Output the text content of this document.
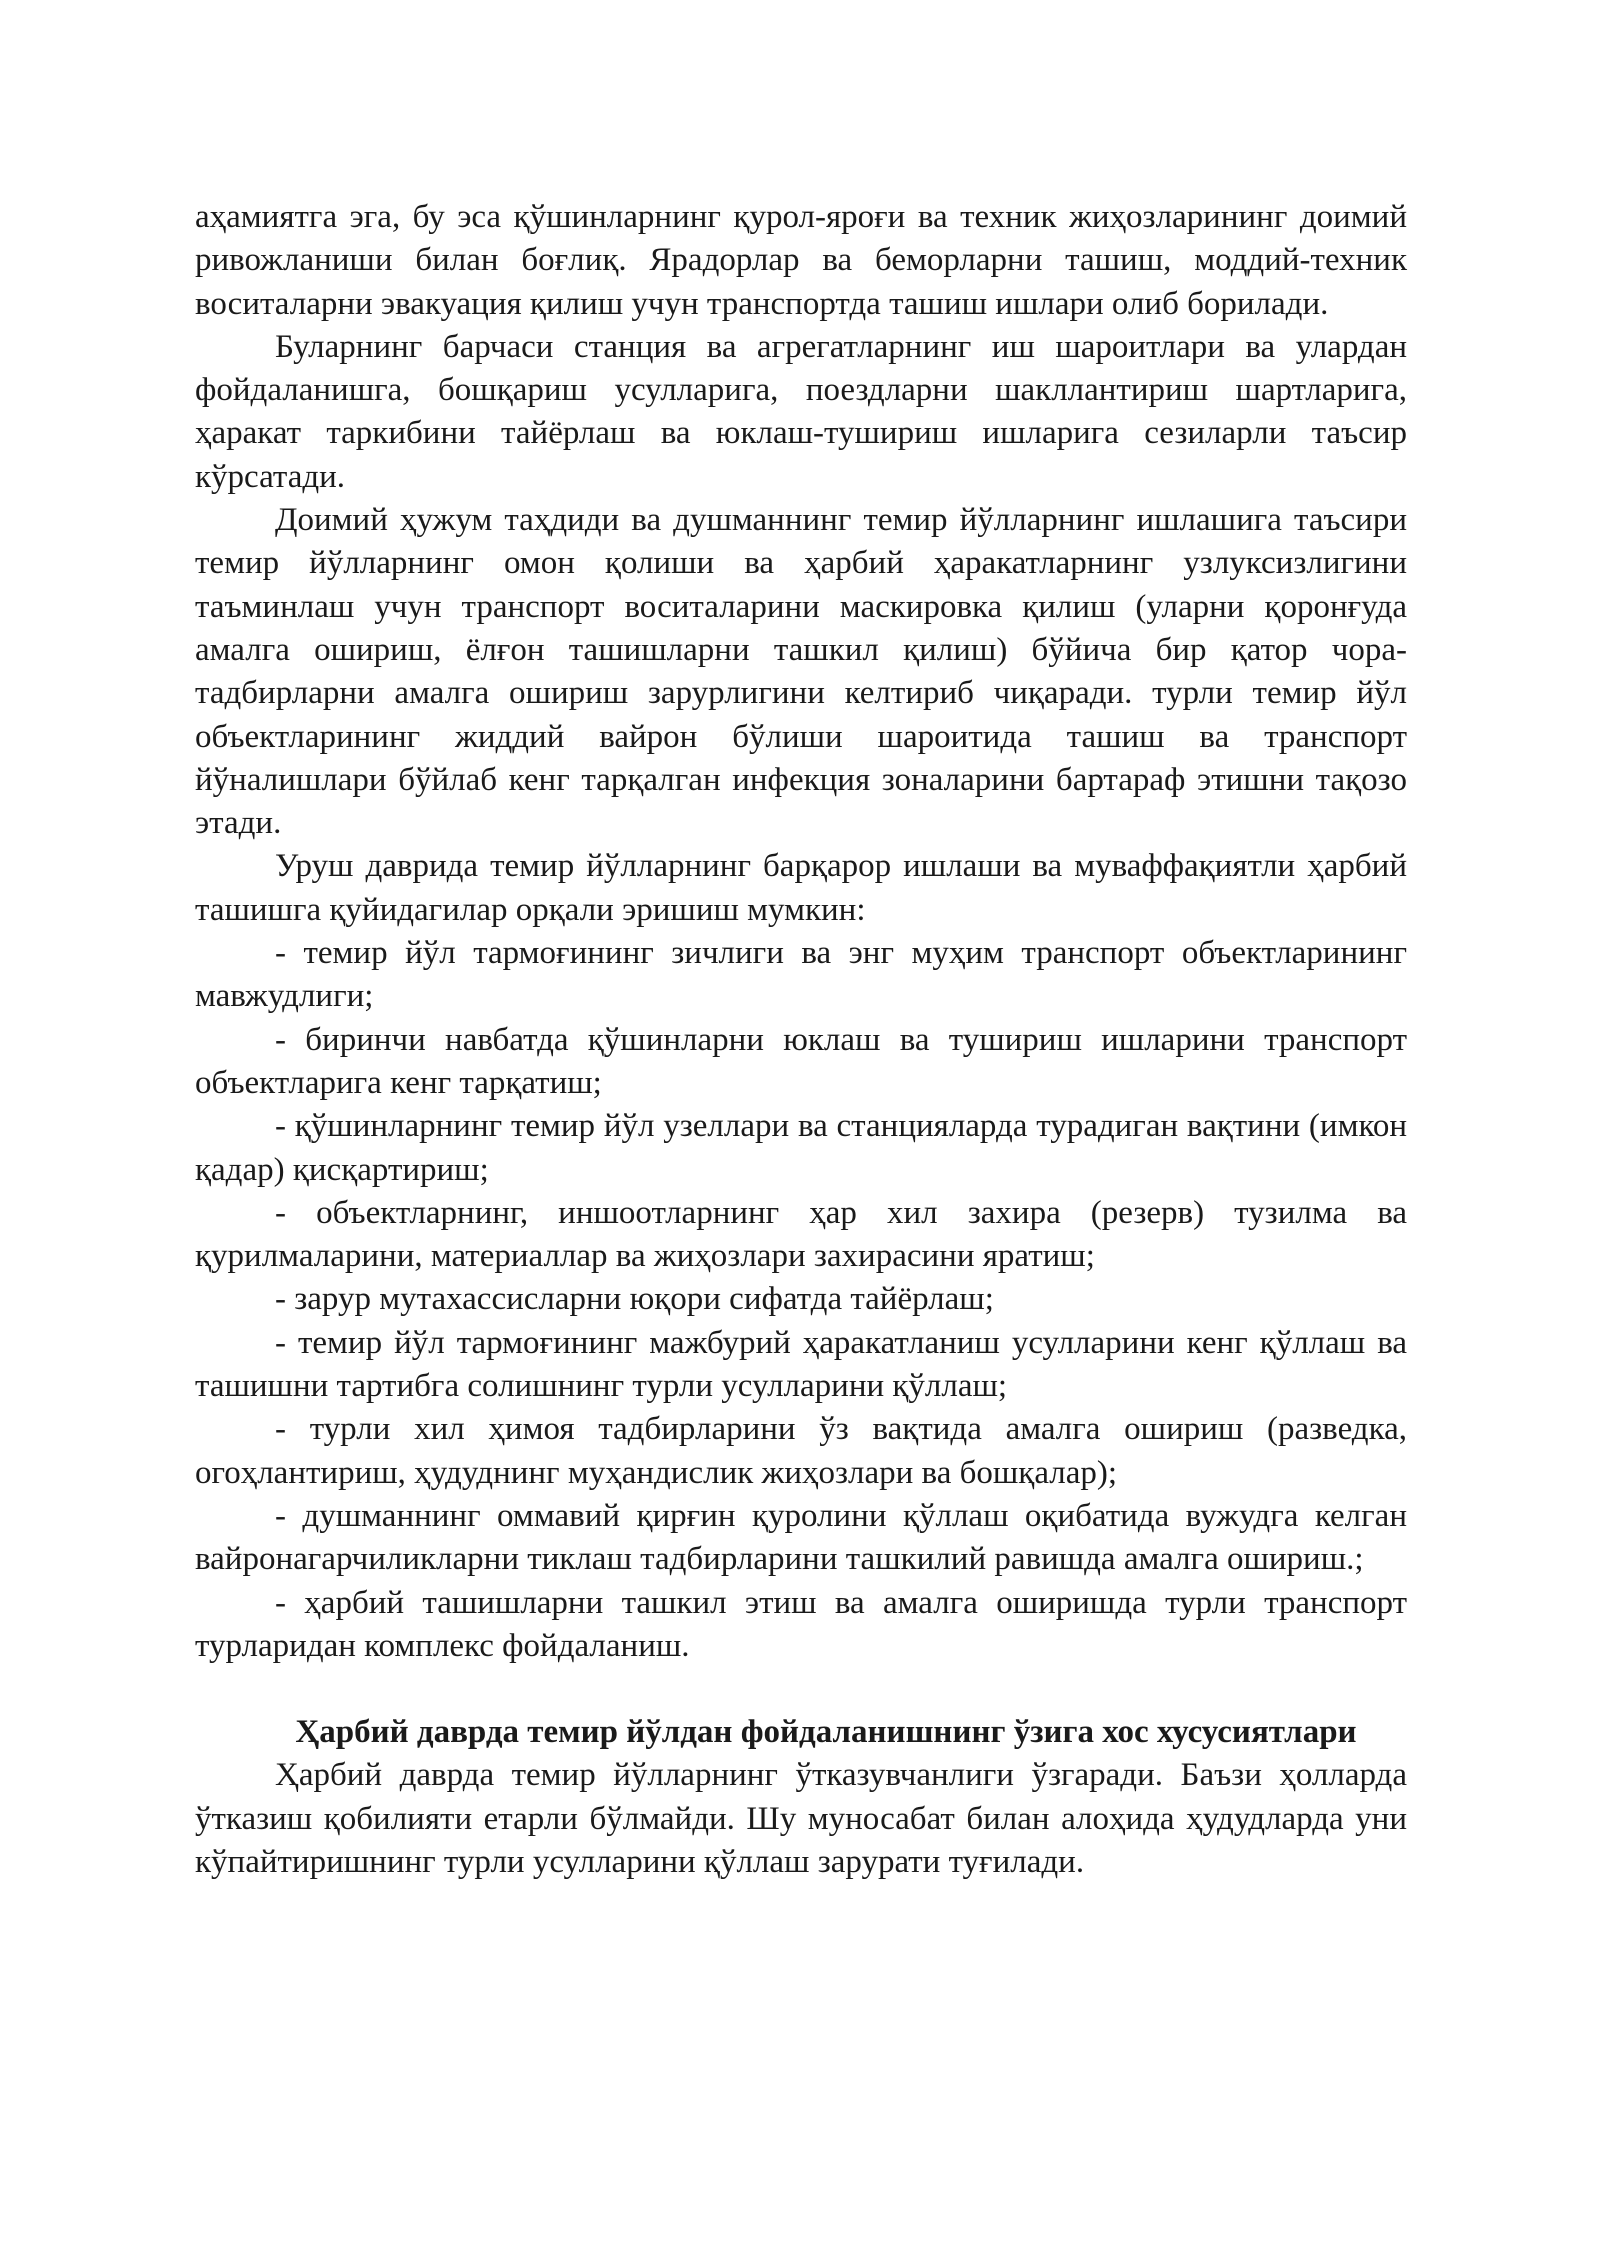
аҳамиятга эга, бу эса қўшинларнинг қурол-яроғи ва техник жиҳозларининг доимий ривожланиши билан боғлиқ. Ярадорлар ва беморларни ташиш, моддий-техник воситаларни эвакуация қилиш учун транспортда ташиш ишлари олиб борилади.

Буларнинг барчаси станция ва агрегатларнинг иш шароитлари ва улардан фойдаланишга, бошқариш усулларига, поездларни шакллантириш шартларига, ҳаракат таркибини тайёрлаш ва юклаш-тушириш ишларига сезиларли таъсир кўрсатади.

Доимий ҳужум таҳдиди ва душманнинг темир йўлларнинг ишлашига таъсири темир йўлларнинг омон қолиши ва ҳарбий ҳаракатларнинг узлуксизлигини таъминлаш учун транспорт воситаларини маскировка қилиш (уларни қоронғуда амалга ошириш, ёлғон ташишларни ташкил қилиш) бўйича бир қатор чора-тадбирларни амалга ошириш зарурлигини келтириб чиқаради. турли темир йўл объектларининг жиддий вайрон бўлиши шароитида ташиш ва транспорт йўналишлари бўйлаб кенг тарқалган инфекция зоналарини бартараф этишни тақозо этади.

Уруш даврида темир йўлларнинг барқарор ишлаши ва муваффақиятли ҳарбий ташишга қуйидагилар орқали эришиш мумкин:

- темир йўл тармоғининг зичлиги ва энг муҳим транспорт объектларининг мавжудлиги;

- биринчи навбатда қўшинларни юклаш ва тушириш ишларини транспорт объектларига кенг тарқатиш;

- қўшинларнинг темир йўл узеллари ва станцияларда турадиган вақтини (имкон қадар) қисқартириш;

- объектларнинг, иншоотларнинг ҳар хил захира (резерв) тузилма ва қурилмаларини, материаллар ва жиҳозлари захирасини яратиш;

- зарур мутахассисларни юқори сифатда тайёрлаш;

- темир йўл тармоғининг мажбурий ҳаракатланиш усулларини кенг қўллаш ва ташишни тартибга солишнинг турли усулларини қўллаш;

- турли хил ҳимоя тадбирларини ўз вақтида амалга ошириш (разведка, огоҳлантириш, ҳудуднинг муҳандислик жиҳозлари ва бошқалар);

- душманнинг оммавий қирғин қуролини қўллаш оқибатида вужудга келган вайронагарчиликларни тиклаш тадбирларини ташкилий равишда амалга ошириш.;

- ҳарбий ташишларни ташкил этиш ва амалга оширишда турли транспорт турларидан комплекс фойдаланиш.

Ҳарбий даврда темир йўлдан фойдаланишнинг ўзига хос хусусиятлари

Ҳарбий даврда темир йўлларнинг ўтказувчанлиги ўзгаради. Баъзи ҳолларда ўтказиш қобилияти етарли бўлмайди. Шу муносабат билан алоҳида ҳудудларда уни кўпайтиришнинг турли усулларини қўллаш зарурати туғилади.
